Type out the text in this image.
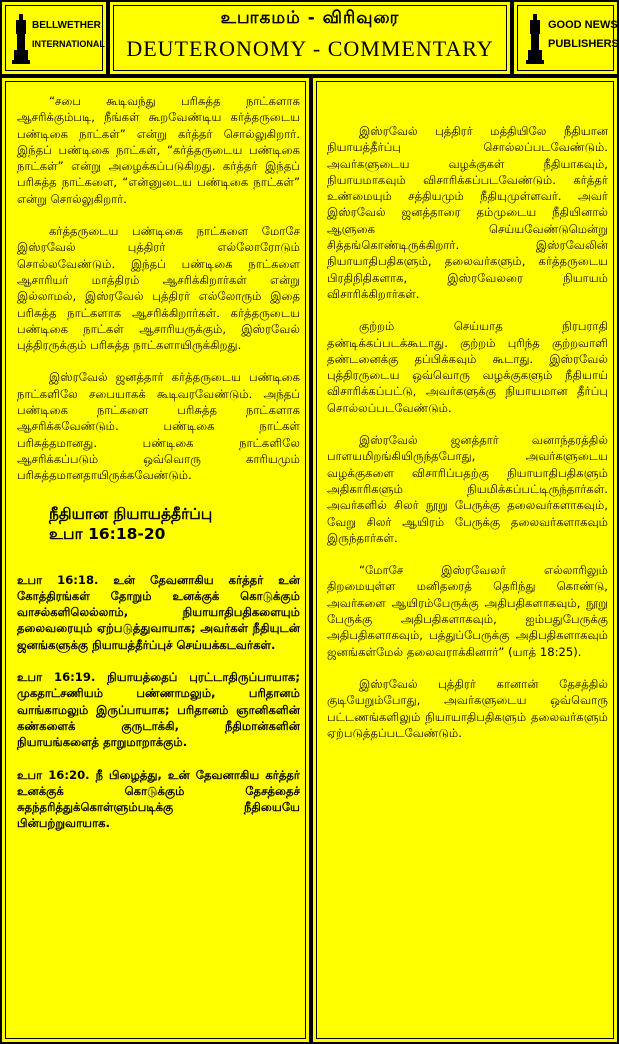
BELLWETHER
INTERNATIONAL
உபாகமம் - விரிவுரை
DEUTERONOMY - COMMENTARY
GOOD NEWS
PUBLISHERS

“சபை கூடிவந்து பரிசுத்த நாட்களாக ஆசரிக்கும்படி, நீங்கள் கூறவேண்டிய கர்த்தருடைய பண்டிகை நாட்கள்” என்று கர்த்தர் சொல்லுகிறார். இந்தப் பண்டிகை நாட்கள், “கர்த்தருடைய பண்டிகை நாட்கள்” என்று அழைக்கப்படுகிறது. கர்த்தர் இந்தப் பரிசுத்த நாட்களை, “என்னுடைய பண்டிகை நாட்கள்” என்று சொல்லுகிறார்.

கர்த்தருடைய பண்டிகை நாட்களை மோசே இஸ்ரவேல் புத்திரர் எல்லோரோடும் சொல்லவேண்டும். இந்தப் பண்டிகை நாட்களை ஆசாரியர் மாத்திரம் ஆசரிக்கிறார்கள் என்று இல்லாமல், இஸ்ரவேல் புத்திரர் எல்லோரும் இதை பரிசுத்த நாட்களாக ஆசரிக்கிறார்கள். கர்த்தருடைய பண்டிகை நாட்கள் ஆசாரியருக்கும், இஸ்ரவேல் புத்திரருக்கும் பரிசுத்த நாட்களாயிருக்கிறது.

இஸ்ரவேல் ஜனத்தார் கர்த்தருடைய பண்டிகை நாட்களிலே சபையாகக் கூடிவரவேண்டும். அந்தப் பண்டிகை நாட்களை பரிசுத்த நாட்களாக ஆசரிக்கவேண்டும். பண்டிகை நாட்கள் பரிசுத்தமானது. பண்டிகை நாட்களிலே ஆசரிக்கப்படும் ஒவ்வொரு காரியமும் பரிசுத்தமானதாயிருக்கவேண்டும்.

நீதியான நியாயத்தீர்ப்பு

உபா 16:18-20

உபா 16:18. உன் தேவனாகிய கர்த்தர் உன் கோத்திரங்கள் தோறும் உனக்குக் கொடுக்கும் வாசல்களிலெல்லாம், நியாயாதிபதிகளையும் தலைவரையும் ஏற்படுத்துவாயாக; அவர்கள் நீதியுடன் ஜனங்களுக்கு நியாயத்தீர்ப்புச் செய்யக்கடவர்கள்.

உபா 16:19. நியாயத்தைப் புரட்டாதிருப்பாயாக; முகதாட்சணியம் பண்ணாமலும், பரிதானம் வாங்காமலும் இருப்பாயாக; பரிதானம் ஞானிகளின் கண்களைக் குருடாக்கி, நீதிமான்களின் நியாயங்களைத் தாறுமாறாக்கும்.

உபா 16:20. நீ பிழைத்து, உன் தேவனாகிய கர்த்தர் உனக்குக் கொடுக்கும் தேசத்தைச் சுதந்தரித்துக்கொள்ளும்படிக்கு நீதியையே பின்பற்றுவாயாக.

இஸ்ரவேல் புத்திரர் மத்தியிலே நீதியான நியாயத்தீர்ப்பு சொல்லப்படவேண்டும். அவர்களுடைய வழக்குகள் நீதியாகவும், நியாயமாகவும் விசாரிக்கப்படவேண்டும். கர்த்தர் உண்மையும் சத்தியமும் நீதியுமுள்ளவர். அவர் இஸ்ரவேல் ஜனத்தாரை தம்முடைய நீதியினால் ஆளுகை செய்யவேண்டுமென்று சித்தங்கொண்டிருக்கிறார். இஸ்ரவேலின் நியாயாதிபதிகளும், தலைவர்களும், கர்த்தருடைய பிரதிநிதிகளாக, இஸ்ரவேலரை நியாயம் விசாரிக்கிறார்கள்.

குற்றம் செய்யாத நிரபராதி தண்டிக்கப்படக்கூடாது. குற்றம் புரிந்த குற்றவாளி தண்டனைக்கு தப்பிக்கவும் கூடாது. இஸ்ரவேல் புத்திரருடைய ஒவ்வொரு வழக்குகளும் நீதியாய் விசாரிக்கப்பட்டு, அவர்களுக்கு நியாயமான தீர்ப்பு சொல்லப்படவேண்டும்.

இஸ்ரவேல் ஜனத்தார் வனாந்தரத்தில் பாளயமிறங்கியிருந்தபோது, அவர்களுடைய வழக்குகளை விசாரிப்பதற்கு நியாயாதிபதிகளும் அதிகாரிகளும் நியமிக்கப்பட்டிருந்தார்கள். அவர்களில் சிலர் நூறு பேருக்கு தலைவர்களாகவும், வேறு சிலர் ஆயிரம் பேருக்கு தலைவர்களாகவும் இருந்தார்கள்.

“மோசே இஸ்ரவேலர் எல்லாரிலும் திறமையுள்ள மனிதரைத் தெரிந்து கொண்டு, அவர்களை ஆயிரம்பேருக்கு அதிபதிகளாகவும், நூறு பேருக்கு அதிபதிகளாகவும், ஐம்பதுபேருக்கு அதிபதிகளாகவும், பத்துப்பேருக்கு அதிபதிகளாகவும் ஜனங்கள்மேல் தலைவராக்கினார்” (யாத் 18:25).

இஸ்ரவேல் புத்திரர் கானான் தேசத்தில் குடியேறும்போது, அவர்களுடைய ஒவ்வொரு பட்டணங்களிலும் நியாயாதிபதிகளும் தலைவர்களும் ஏற்படுத்தப்படவேண்டும்.
